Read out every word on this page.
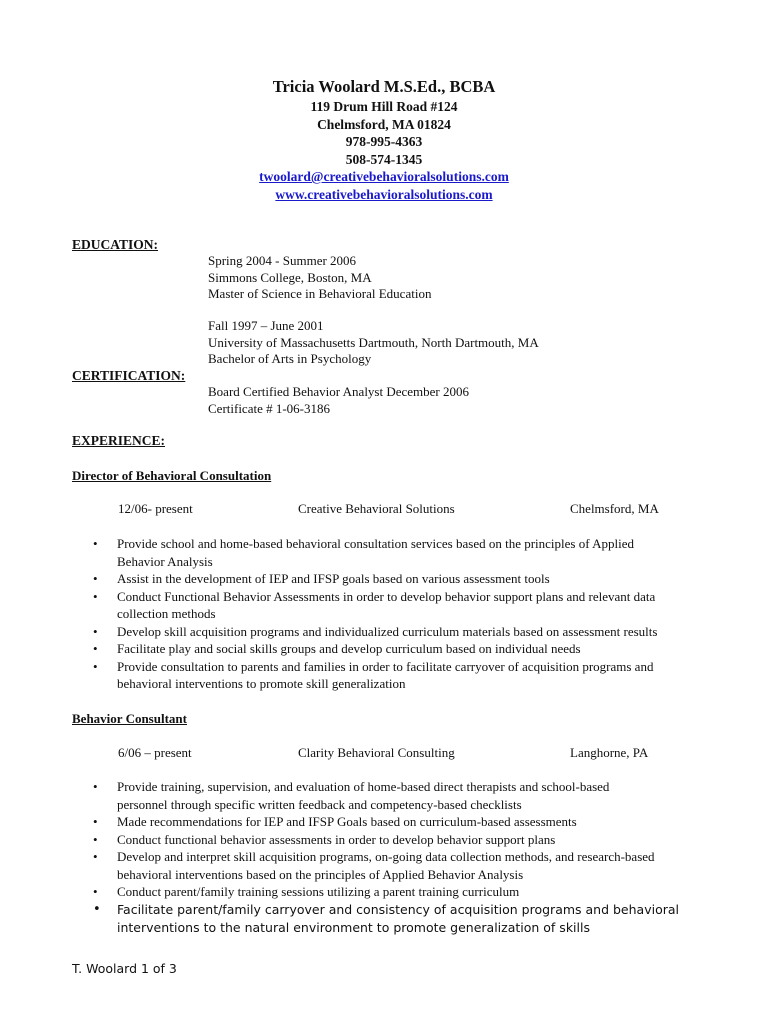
Tricia Woolard M.S.Ed., BCBA
119 Drum Hill Road #124
Chelmsford, MA 01824
978-995-4363
508-574-1345
twoolard@creativebehavioralsolutions.com
www.creativebehavioralsolutions.com
EDUCATION:
Spring 2004 - Summer 2006
Simmons College, Boston, MA
Master of Science in Behavioral Education
Fall 1997 – June 2001
University of Massachusetts Dartmouth, North Dartmouth, MA
Bachelor of Arts in Psychology
CERTIFICATION:
Board Certified Behavior Analyst December 2006
Certificate # 1-06-3186
EXPERIENCE:
Director of Behavioral Consultation
12/06- present	Creative Behavioral Solutions	Chelmsford, MA
• Provide school and home-based behavioral consultation services based on the principles of Applied
Behavior Analysis
• Assist in the development of IEP and IFSP goals based on various assessment tools
• Conduct Functional Behavior Assessments in order to develop behavior support plans and relevant data
collection methods
• Develop skill acquisition programs and individualized curriculum materials based on assessment results
• Facilitate play and social skills groups and develop curriculum based on individual needs
• Provide consultation to parents and families in order to facilitate carryover of acquisition programs and
behavioral interventions to promote skill generalization
Behavior Consultant
6/06 – present	Clarity Behavioral Consulting	Langhorne, PA
• Provide training, supervision, and evaluation of home-based direct therapists and school-based
personnel through specific written feedback and competency-based checklists
• Made recommendations for IEP and IFSP Goals based on curriculum-based assessments
• Conduct functional behavior assessments in order to develop behavior support plans
• Develop and interpret skill acquisition programs, on-going data collection methods, and research-based
behavioral interventions based on the principles of Applied Behavior Analysis
• Conduct parent/family training sessions utilizing a parent training curriculum
• Facilitate parent/family carryover and consistency of acquisition programs and behavioral
interventions to the natural environment to promote generalization of skills
T. Woolard 1 of 3
